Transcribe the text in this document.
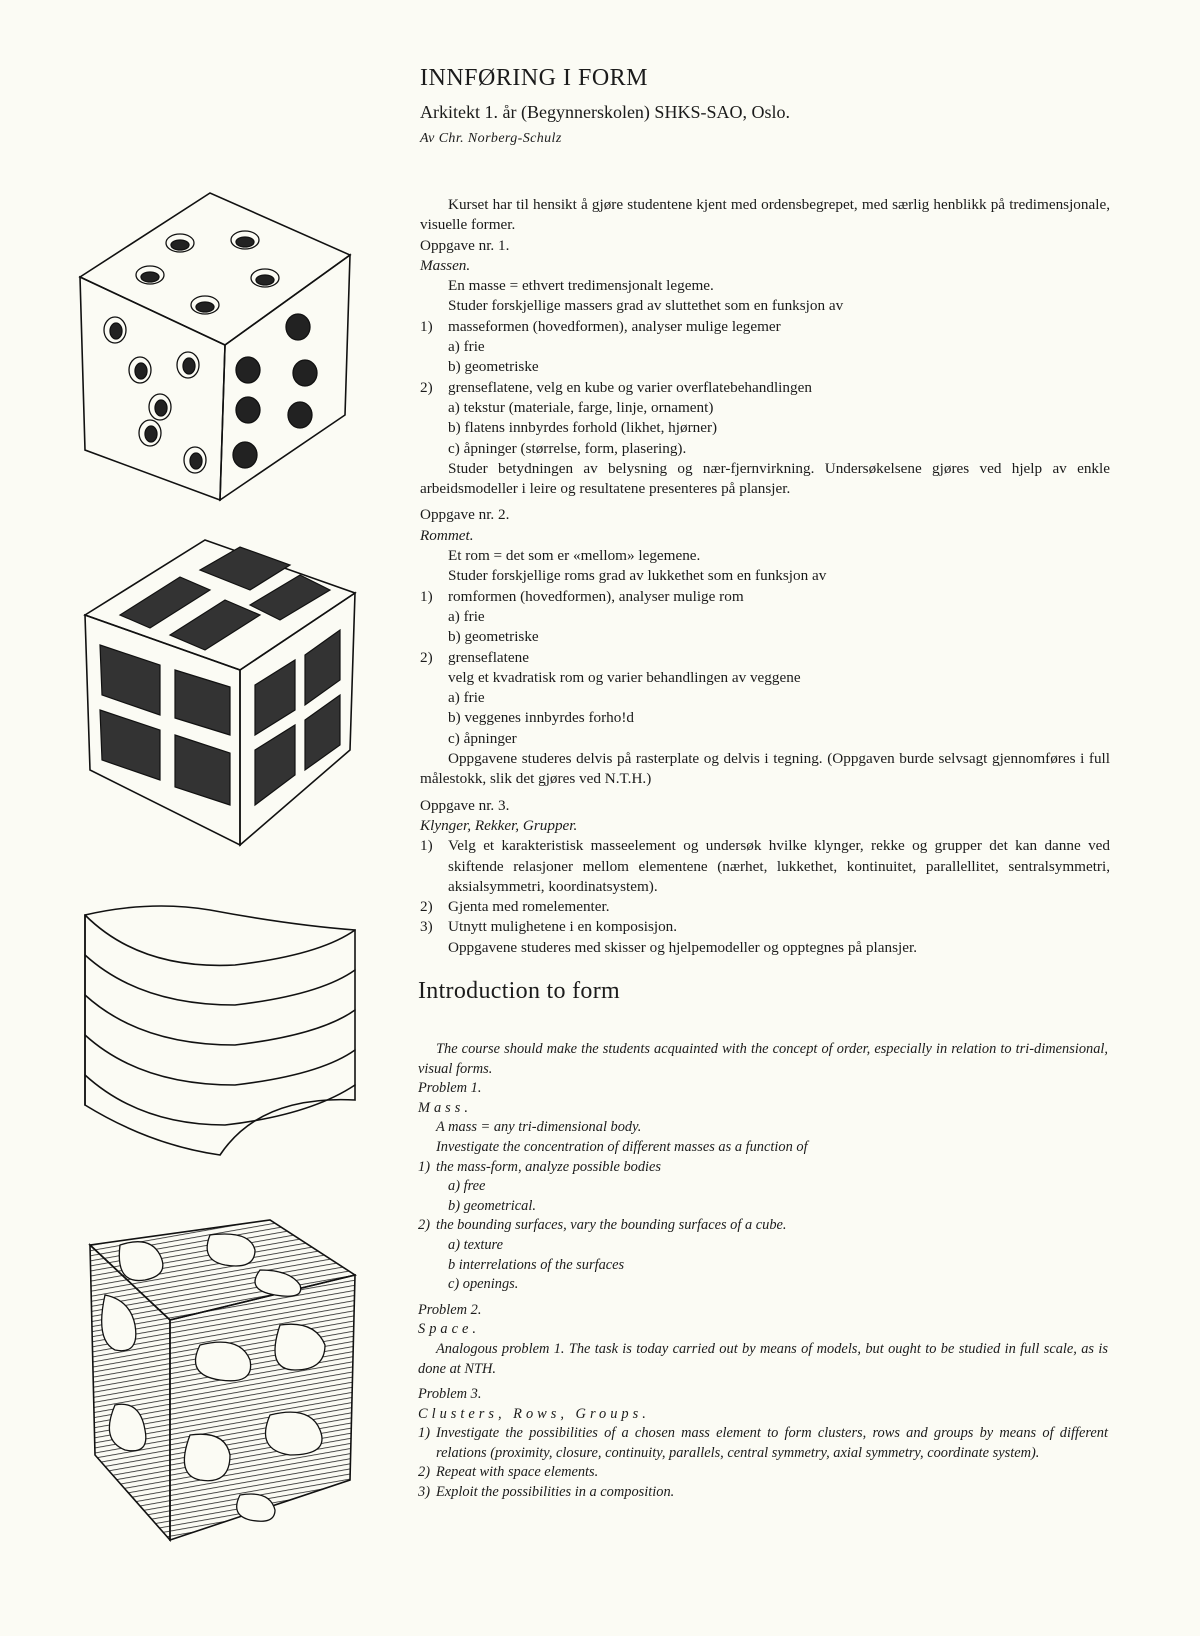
INNFØRING I FORM
Arkitekt 1. år (Begynnerskolen) SHKS-SAO, Oslo.
Av Chr. Norberg-Schulz

Kurset har til hensikt å gjøre studentene kjent med ordensbegrepet, med særlig henblikk på tredimensjonale, visuelle former.

Oppgave nr. 1.

Massen.

En masse = ethvert tredimensjonalt legeme.

Studer forskjellige massers grad av sluttethet som en funksjon av

1) masseformen (hovedformen), analyser mulige legemer

a) frie

b) geometriske

2) grenseflatene, velg en kube og varier overflatebehandlingen

a) tekstur (materiale, farge, linje, ornament)

b) flatens innbyrdes forhold (likhet, hjørner)

c) åpninger (størrelse, form, plasering).

Studer betydningen av belysning og nær-fjernvirkning. Undersøkelsene gjøres ved hjelp av enkle arbeidsmodeller i leire og resultatene presenteres på plansjer.

Oppgave nr. 2.

Rommet.

Et rom = det som er «mellom» legemene.

Studer forskjellige roms grad av lukkethet som en funksjon av

1) romformen (hovedformen), analyser mulige rom

a) frie

b) geometriske

2) grenseflatene

velg et kvadratisk rom og varier behandlingen av veggene

a) frie

b) veggenes innbyrdes forho!d

c) åpninger

Oppgavene studeres delvis på rasterplate og delvis i tegning. (Oppgaven burde selvsagt gjennomføres i full målestokk, slik det gjøres ved N.T.H.)

Oppgave nr. 3.

Klynger, Rekker, Grupper.

1) Velg et karakteristisk masseelement og undersøk hvilke klynger, rekke og grupper det kan danne ved skiftende relasjoner mellom elementene (nærhet, lukkethet, kontinuitet, parallellitet, sentralsymmetri, aksialsymmetri, koordinatsystem).

2) Gjenta med romelementer.

3) Utnytt mulighetene i en komposisjon.

Oppgavene studeres med skisser og hjelpemodeller og opptegnes på plansjer.

Introduction to form

The course should make the students acquainted with the concept of order, especially in relation to tri-dimensional, visual forms.

Problem 1.

Mass.

A mass = any tri-dimensional body.

Investigate the concentration of different masses as a function of

1) the mass-form, analyze possible bodies

a) free

b) geometrical.

2) the bounding surfaces, vary the bounding surfaces of a cube.

a) texture

b interrelations of the surfaces

c) openings.

Problem 2.

Space.

Analogous problem 1. The task is today carried out by means of models, but ought to be studied in full scale, as is done at NTH.

Problem 3.

Clusters, Rows, Groups.

1) Investigate the possibilities of a chosen mass element to form clusters, rows and groups by means of different relations (proximity, closure, continuity, parallels, central symmetry, axial symmetry, coordinate system).

2) Repeat with space elements.

3) Exploit the possibilities in a composition.
